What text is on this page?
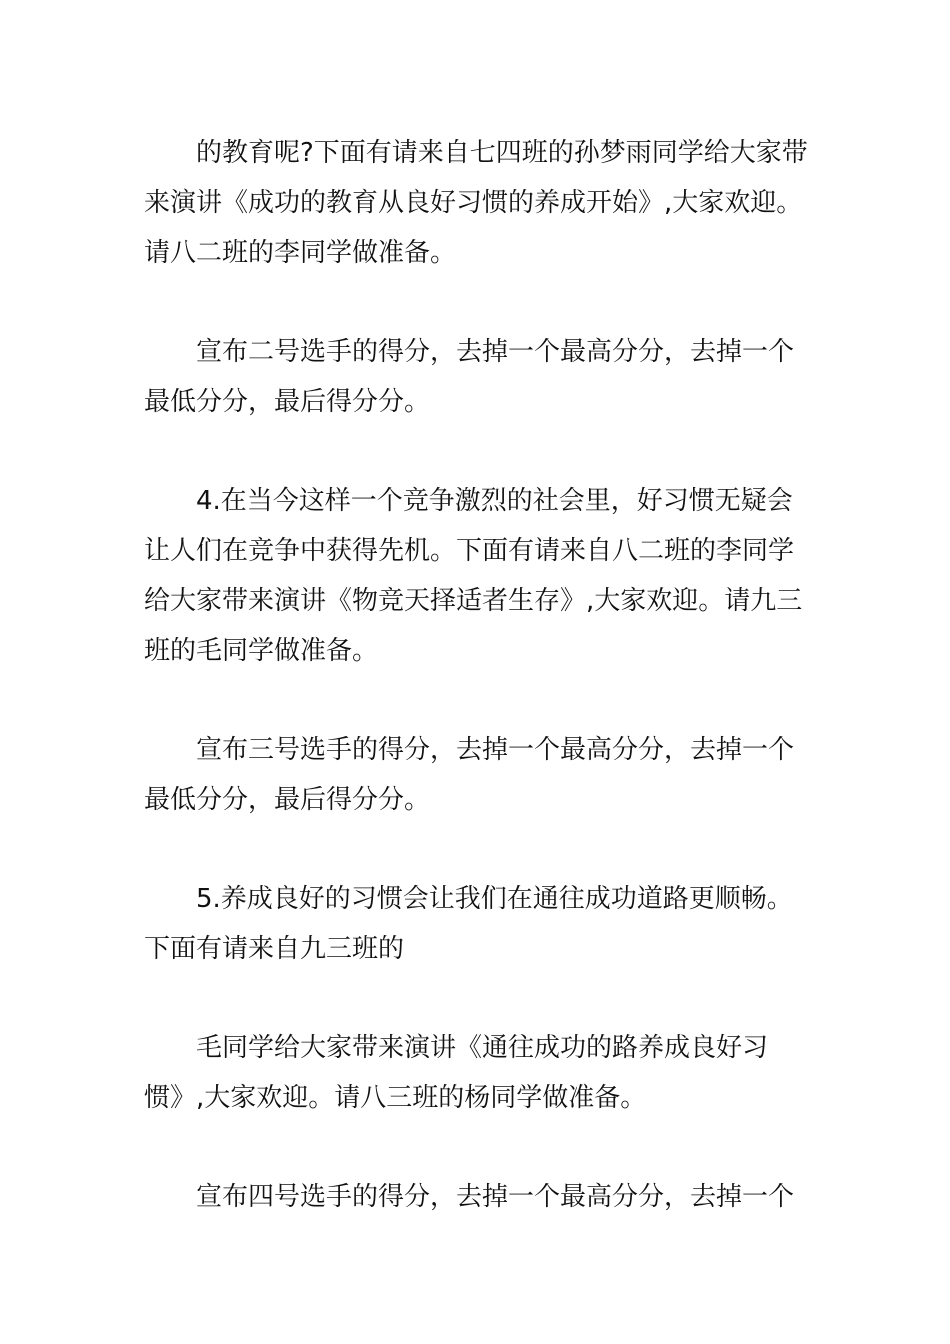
的教育呢?下面有请来自七四班的孙梦雨同学给大家带来演讲《成功的教育从良好习惯的养成开始》,大家欢迎。请八二班的李同学做准备。

宣布二号选手的得分，去掉一个最高分分，去掉一个最低分分，最后得分分。

4.在当今这样一个竞争激烈的社会里，好习惯无疑会让人们在竞争中获得先机。下面有请来自八二班的李同学给大家带来演讲《物竞天择适者生存》,大家欢迎。请九三班的毛同学做准备。

宣布三号选手的得分，去掉一个最高分分，去掉一个最低分分，最后得分分。

5.养成良好的习惯会让我们在通往成功道路更顺畅。下面有请来自九三班的

毛同学给大家带来演讲《通往成功的路养成良好习惯》,大家欢迎。请八三班的杨同学做准备。

宣布四号选手的得分，去掉一个最高分分，去掉一个
